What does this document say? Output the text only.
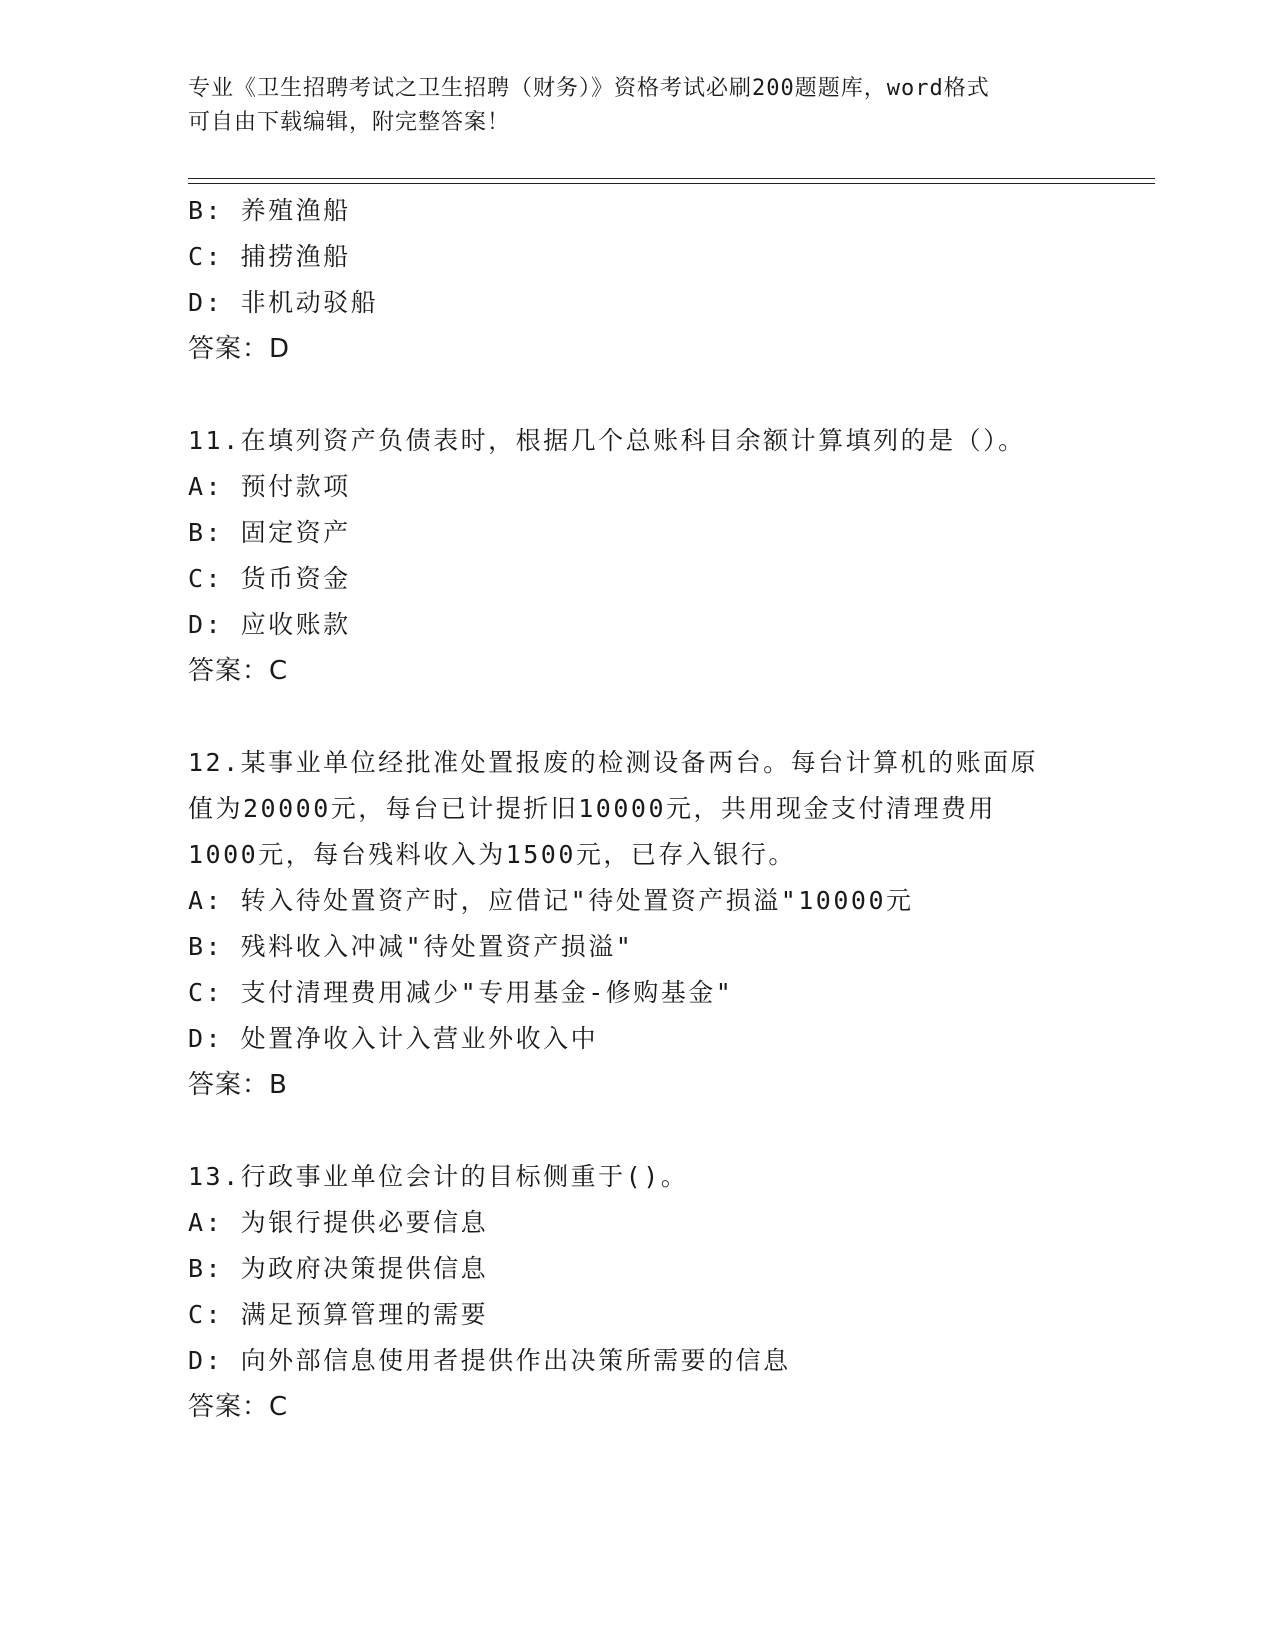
专业《卫生招聘考试之卫生招聘（财务）》资格考试必刷200题题库，word格式

可自由下载编辑，附完整答案！

B: 养殖渔船
C: 捕捞渔船
D: 非机动驳船
答案：D
11.在填列资产负债表时，根据几个总账科目余额计算填列的是（）。
A: 预付款项
B: 固定资产
C: 货币资金
D: 应收账款
答案：C
12.某事业单位经批准处置报废的检测设备两台。每台计算机的账面原
值为20000元，每台已计提折旧10000元，共用现金支付清理费用
1000元，每台残料收入为1500元，已存入银行。
A: 转入待处置资产时，应借记"待处置资产损溢"10000元
B: 残料收入冲减"待处置资产损溢"
C: 支付清理费用减少"专用基金-修购基金"
D: 处置净收入计入营业外收入中
答案：B
13.行政事业单位会计的目标侧重于()。
A: 为银行提供必要信息
B: 为政府决策提供信息
C: 满足预算管理的需要
D: 向外部信息使用者提供作出决策所需要的信息
答案：C
